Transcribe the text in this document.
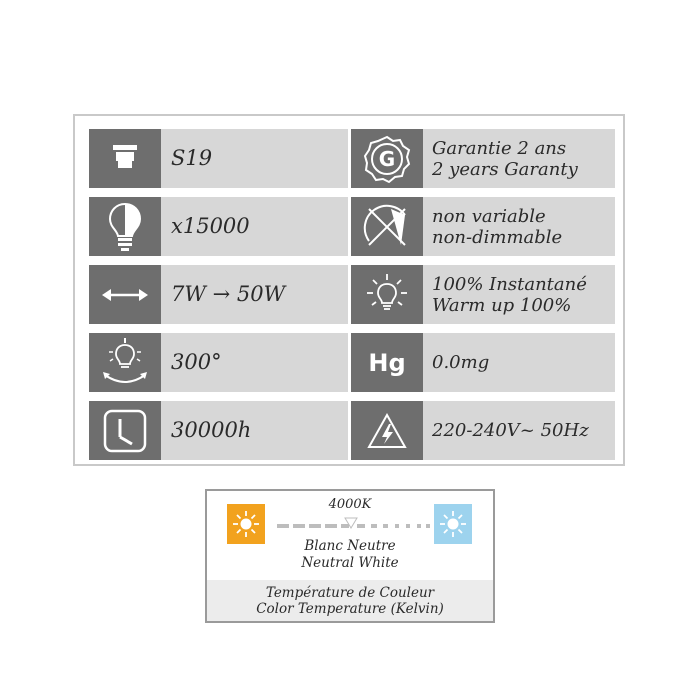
S19	G Garantie 2 ans
2 years Garanty
x15000	non variable
non-dimmable
7W → 50W	100% Instantané
Warm up 100%
300°	Hg 0.0mg
30000h	220-240V~ 50Hz
4000K
Blanc Neutre
Neutral White
Température de Couleur
Color Temperature (Kelvin)
